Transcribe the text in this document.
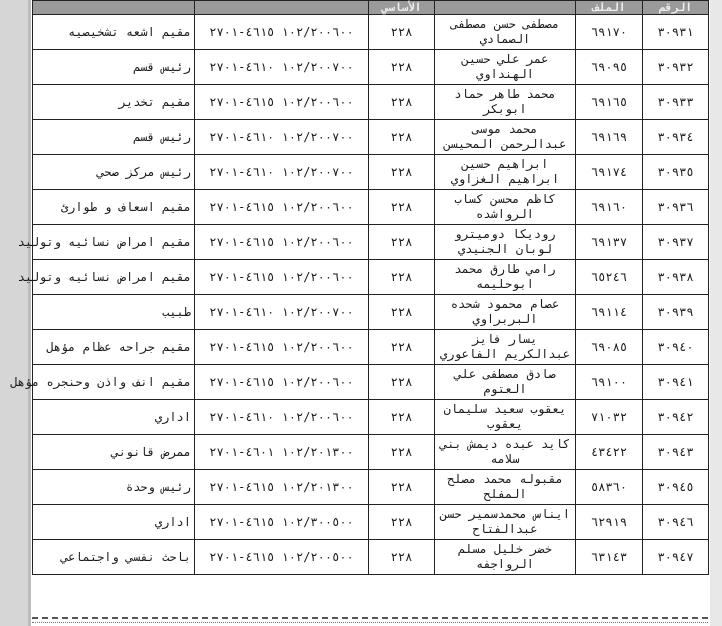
		الأساسي		الملف	الرقم
مقيم اشعه تشخيصيه	١٠٢/٢٠٠٦٠٠ ٤٦١٥-٢٧٠١	٢٢٨	مصطفى حسن مصطفى الصمادي	٦٩١٧٠	٣٠٩٣١
رئيس قسم	١٠٢/٢٠٠٧٠٠ ٤٦١٠-٢٧٠١	٢٢٨	عمر علي حسين الهنداوي	٦٩٠٩٥	٣٠٩٣٢
مقيم تخدير	١٠٢/٢٠٠٦٠٠ ٤٦١٥-٢٧٠١	٢٢٨	محمد طاهر حماد ابوبكر	٦٩١٦٥	٣٠٩٣٣
رئيس قسم	١٠٢/٢٠٠٧٠٠ ٤٦١٠-٢٧٠١	٢٢٨	محمد موسى عبدالرحمن المحيسن	٦٩١٦٩	٣٠٩٣٤
رئيس مركز صحي	١٠٢/٢٠٠٧٠٠ ٤٦١٠-٢٧٠١	٢٢٨	ابراهيم حسين ابراهيم الغزاوي	٦٩١٧٤	٣٠٩٣٥
مقيم اسعاف و طوارئ	١٠٢/٢٠٠٦٠٠ ٤٦١٥-٢٧٠١	٢٢٨	كاظم محسن كساب الرواشده	٦٩١٦٠	٣٠٩٣٦
مقيم امراض نسائيه وتوليد	١٠٢/٢٠٠٦٠٠ ٤٦١٥-٢٧٠١	٢٢٨	روديكا دوميترو لوبان الجنيدي	٦٩١٣٧	٣٠٩٣٧
مقيم امراض نسائيه وتوليد	١٠٢/٢٠٠٦٠٠ ٤٦١٥-٢٧٠١	٢٢٨	رامي طارق محمد ابوحليمه	٦٥٢٤٦	٣٠٩٣٨
طبيب	١٠٢/٢٠٠٧٠٠ ٤٦١٠-٢٧٠١	٢٢٨	عصام محمود شحده البربراوي	٦٩١١٤	٣٠٩٣٩
مقيم جراحه عظام مؤهل	١٠٢/٢٠٠٦٠٠ ٤٦١٥-٢٧٠١	٢٢٨	يسار فايز عبدالكريم الفاعوري	٦٩٠٨٥	٣٠٩٤٠
مقيم انف واذن وحنجره مؤهل	١٠٢/٢٠٠٦٠٠ ٤٦١٥-٢٧٠١	٢٢٨	صادق مصطفى علي العتوم	٦٩١٠٠	٣٠٩٤١
اداري	١٠٢/٢٠٠٦٠٠ ٤٦١٠-٢٧٠١	٢٢٨	يعقوب سعيد سليمان يعقوب	٧١٠٣٢	٣٠٩٤٢
ممرض قانوني	١٠٢/٢٠١٣٠٠ ٤٦٠١-٢٧٠١	٢٢٨	كايد عبده ديمش بني سلامه	٤٣٤٢٢	٣٠٩٤٣
رئيس وحدة	١٠٢/٢٠١٣٠٠ ٤٦١٥-٢٧٠١	٢٢٨	مقبوله محمد مصلح المفلح	٥٨٣٦٠	٣٠٩٤٥
اداري	١٠٢/٣٠٠٥٠٠ ٤٦١٥-٢٧٠١	٢٢٨	ايناس محمدسمير حسن عبدالفتاح	٦٢٩١٩	٣٠٩٤٦
باحث نفسي واجتماعي	١٠٢/٢٠٠٥٠٠ ٤٦١٥-٢٧٠١	٢٢٨	خضر خليل مسلم الرواجفه	٦٣١٤٣	٣٠٩٤٧
